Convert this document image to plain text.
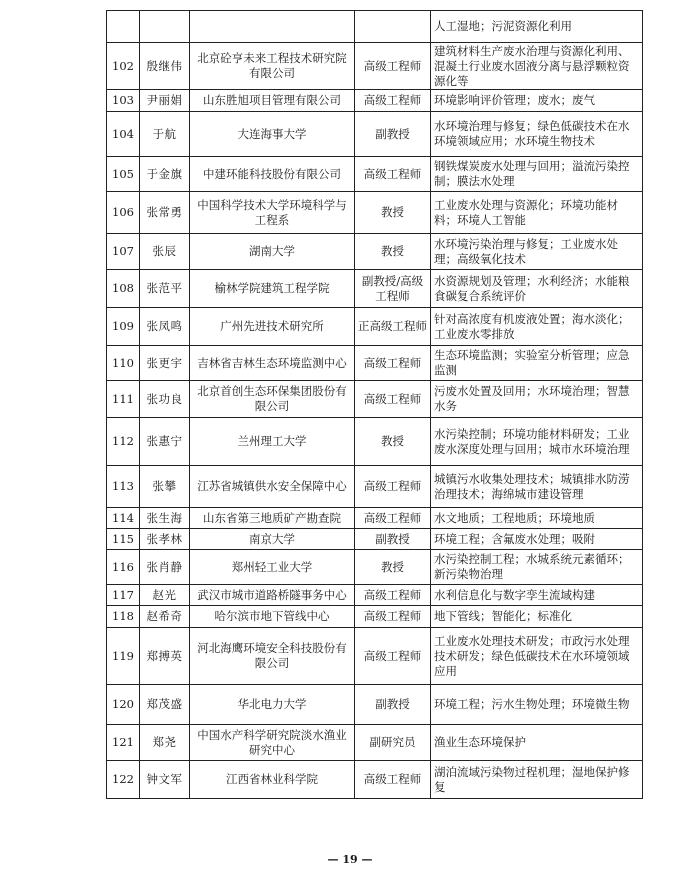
				人工湿地；污泥资源化利用
102	殷继伟	北京砼亨未来工程技术研究院有限公司	高级工程师	建筑材料生产废水治理与资源化利用、混凝土行业废水固液分离与悬浮颗粒资源化等
103	尹丽娟	山东胜旭项目管理有限公司	高级工程师	环境影响评价管理；废水；废气
104	于航	大连海事大学	副教授	水环境治理与修复；绿色低碳技术在水环境领域应用；水环境生物技术
105	于金旗	中建环能科技股份有限公司	高级工程师	钢铁煤炭废水处理与回用；溢流污染控制；膜法水处理
106	张常勇	中国科学技术大学环境科学与工程系	教授	工业废水处理与资源化；环境功能材料；环境人工智能
107	张辰	湖南大学	教授	水环境污染治理与修复；工业废水处理；高级氧化技术
108	张范平	榆林学院建筑工程学院	副教授/高级工程师	水资源规划及管理；水利经济；水能粮食碳复合系统评价
109	张凤鸣	广州先进技术研究所	正高级工程师	针对高浓度有机废液处置；海水淡化；工业废水零排放
110	张更宇	吉林省吉林生态环境监测中心	高级工程师	生态环境监测；实验室分析管理；应急监测
111	张功良	北京首创生态环保集团股份有限公司	高级工程师	污废水处置及回用；水环境治理；智慧水务
112	张惠宁	兰州理工大学	教授	水污染控制；环境功能材料研发；工业废水深度处理与回用；城市水环境治理
113	张攀	江苏省城镇供水安全保障中心	高级工程师	城镇污水收集处理技术；城镇排水防涝治理技术；海绵城市建设管理
114	张生海	山东省第三地质矿产勘查院	高级工程师	水文地质；工程地质；环境地质
115	张孝林	南京大学	副教授	环境工程；含氟废水处理；吸附
116	张肖静	郑州轻工业大学	教授	水污染控制工程；水城系统元素循环；新污染物治理
117	赵光	武汉市城市道路桥隧事务中心	高级工程师	水利信息化与数字孪生流域构建
118	赵希奇	哈尔滨市地下管线中心	高级工程师	地下管线；智能化；标准化
119	郑搏英	河北海鹰环境安全科技股份有限公司	高级工程师	工业废水处理技术研发；市政污水处理技术研发；绿色低碳技术在水环境领域应用
120	郑茂盛	华北电力大学	副教授	环境工程；污水生物处理；环境微生物
121	郑尧	中国水产科学研究院淡水渔业研究中心	副研究员	渔业生态环境保护
122	钟文军	江西省林业科学院	高级工程师	湖泊流域污染物过程机理；湿地保护修复
— 19 —
